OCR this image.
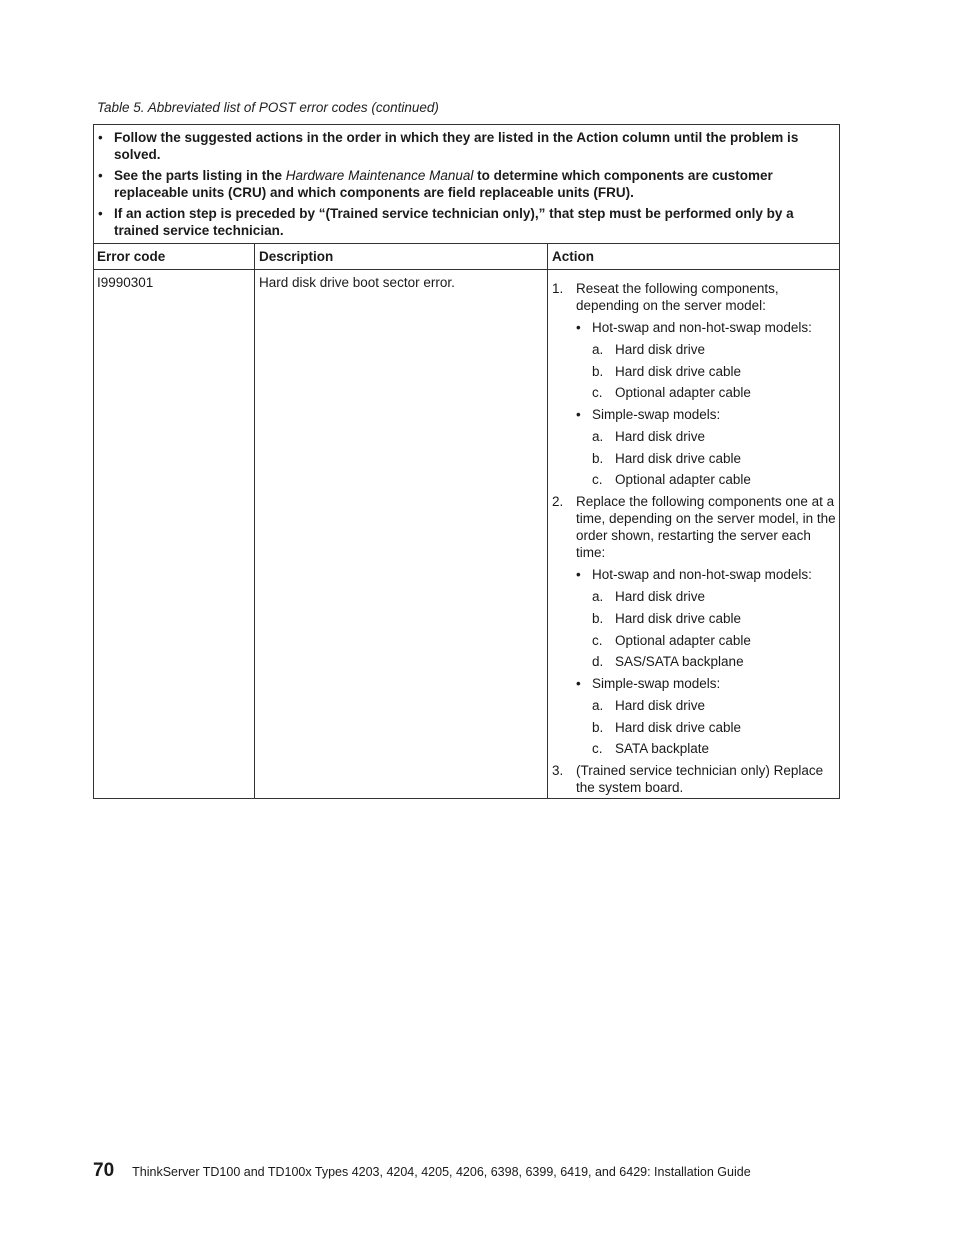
Table 5. Abbreviated list of POST error codes (continued)
• Follow the suggested actions in the order in which they are listed in the Action column until the problem is solved.
• See the parts listing in the Hardware Maintenance Manual to determine which components are customer replaceable units (CRU) and which components are field replaceable units (FRU).
• If an action step is preceded by “(Trained service technician only),” that step must be performed only by a trained service technician.
Error code	Description	Action
I9990301	Hard disk drive boot sector error.	1. Reseat the following components, depending on the server model:
• Hot-swap and non-hot-swap models:
a. Hard disk drive
b. Hard disk drive cable
c. Optional adapter cable
• Simple-swap models:
a. Hard disk drive
b. Hard disk drive cable
c. Optional adapter cable
2. Replace the following components one at a time, depending on the server model, in the order shown, restarting the server each time:
• Hot-swap and non-hot-swap models:
a. Hard disk drive
b. Hard disk drive cable
c. Optional adapter cable
d. SAS/SATA backplane
• Simple-swap models:
a. Hard disk drive
b. Hard disk drive cable
c. SATA backplate
3. (Trained service technician only) Replace the system board.
70 ThinkServer TD100 and TD100x Types 4203, 4204, 4205, 4206, 6398, 6399, 6419, and 6429: Installation Guide
